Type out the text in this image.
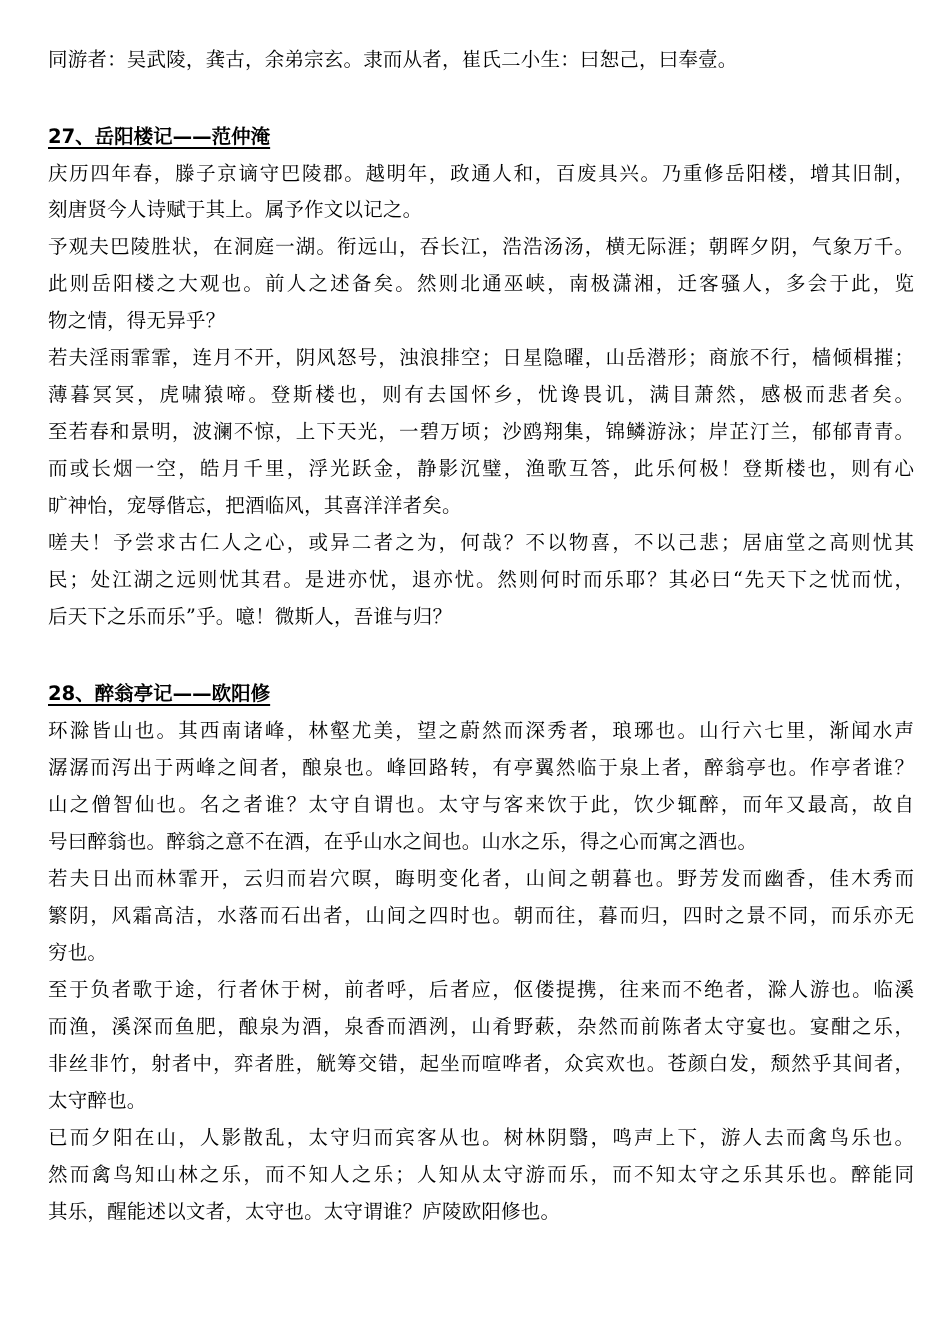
同游者：吴武陵，龚古，余弟宗玄。隶而从者，崔氏二小生：曰恕己，曰奉壹。
27、岳阳楼记——范仲淹
庆历四年春，滕子京谪守巴陵郡。越明年，政通人和，百废具兴。乃重修岳阳楼，增其旧制，
刻唐贤今人诗赋于其上。属予作文以记之。
予观夫巴陵胜状，在洞庭一湖。衔远山，吞长江，浩浩汤汤，横无际涯；朝晖夕阴，气象万千。
此则岳阳楼之大观也。前人之述备矣。然则北通巫峡，南极潇湘，迁客骚人，多会于此，览
物之情，得无异乎？
若夫淫雨霏霏，连月不开，阴风怒号，浊浪排空；日星隐曜，山岳潜形；商旅不行，樯倾楫摧；
薄暮冥冥，虎啸猿啼。登斯楼也，则有去国怀乡，忧谗畏讥，满目萧然，感极而悲者矣。
至若春和景明，波澜不惊，上下天光，一碧万顷；沙鸥翔集，锦鳞游泳；岸芷汀兰，郁郁青青。
而或长烟一空，皓月千里，浮光跃金，静影沉璧，渔歌互答，此乐何极！登斯楼也，则有心
旷神怡，宠辱偕忘，把酒临风，其喜洋洋者矣。
嗟夫！予尝求古仁人之心，或异二者之为，何哉？不以物喜，不以己悲；居庙堂之高则忧其
民；处江湖之远则忧其君。是进亦忧，退亦忧。然则何时而乐耶？其必曰“先天下之忧而忧，
后天下之乐而乐”乎。噫！微斯人，吾谁与归？
28、醉翁亭记——欧阳修
环滁皆山也。其西南诸峰，林壑尤美，望之蔚然而深秀者，琅琊也。山行六七里，渐闻水声
潺潺而泻出于两峰之间者，酿泉也。峰回路转，有亭翼然临于泉上者，醉翁亭也。作亭者谁？
山之僧智仙也。名之者谁？太守自谓也。太守与客来饮于此，饮少辄醉，而年又最高，故自
号曰醉翁也。醉翁之意不在酒，在乎山水之间也。山水之乐，得之心而寓之酒也。
若夫日出而林霏开，云归而岩穴暝，晦明变化者，山间之朝暮也。野芳发而幽香，佳木秀而
繁阴，风霜高洁，水落而石出者，山间之四时也。朝而往，暮而归，四时之景不同，而乐亦无
穷也。
至于负者歌于途，行者休于树，前者呼，后者应，伛偻提携，往来而不绝者，滁人游也。临溪
而渔，溪深而鱼肥，酿泉为酒，泉香而酒洌，山肴野蔌，杂然而前陈者太守宴也。宴酣之乐，
非丝非竹，射者中，弈者胜，觥筹交错，起坐而喧哗者，众宾欢也。苍颜白发，颓然乎其间者，
太守醉也。
已而夕阳在山，人影散乱，太守归而宾客从也。树林阴翳，鸣声上下，游人去而禽鸟乐也。
然而禽鸟知山林之乐，而不知人之乐；人知从太守游而乐，而不知太守之乐其乐也。醉能同
其乐，醒能述以文者，太守也。太守谓谁？庐陵欧阳修也。
